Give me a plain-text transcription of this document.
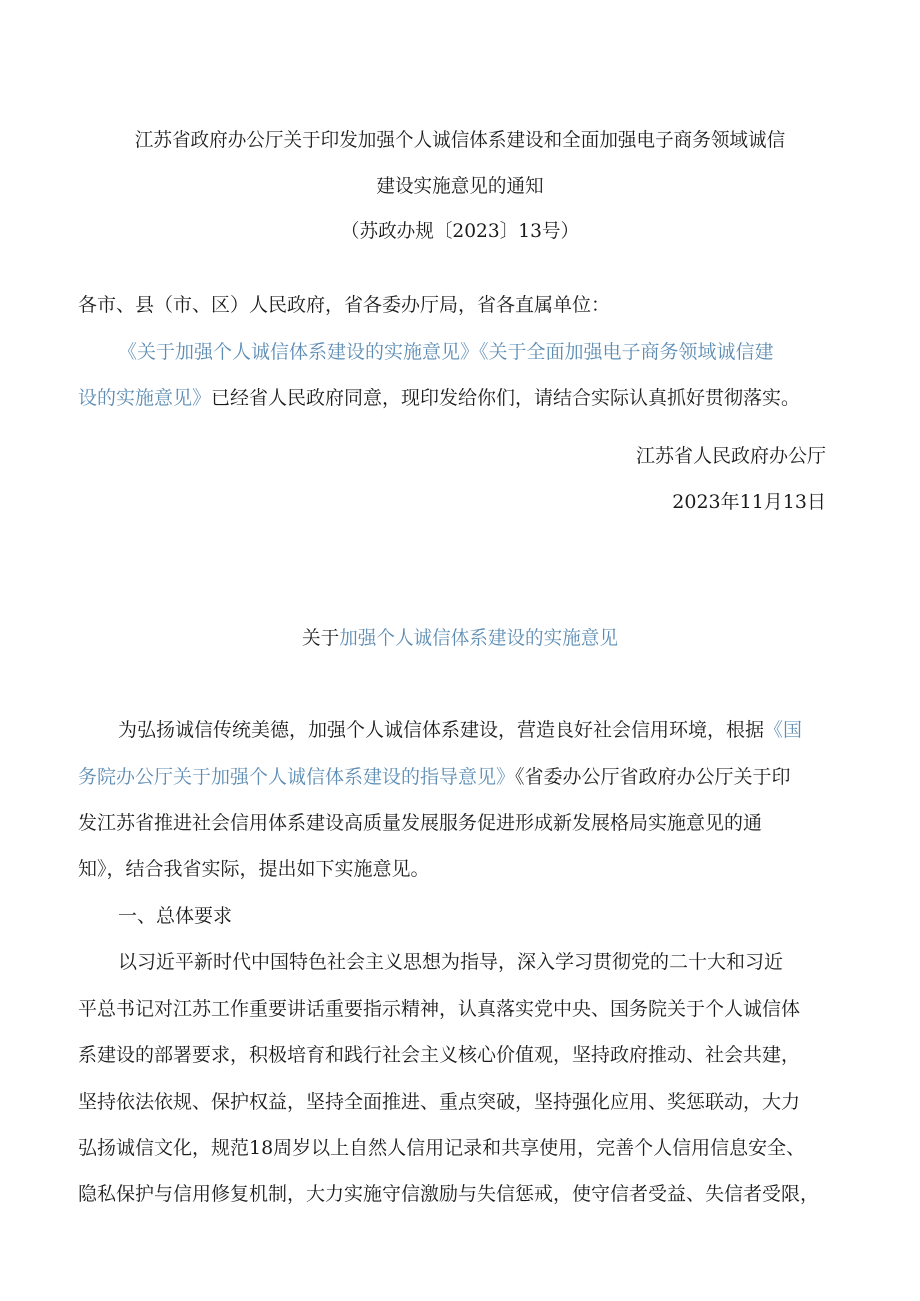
江苏省政府办公厅关于印发加强个人诚信体系建设和全面加强电子商务领域诚信
建设实施意见的通知
（苏政办规〔2023〕13号）
各市、县（市、区）人民政府，省各委办厅局，省各直属单位：
《关于加强个人诚信体系建设的实施意见》《关于全面加强电子商务领域诚信建
设的实施意见》已经省人民政府同意，现印发给你们，请结合实际认真抓好贯彻落实。
江苏省人民政府办公厅
2023年11月13日
关于加强个人诚信体系建设的实施意见
为弘扬诚信传统美德，加强个人诚信体系建设，营造良好社会信用环境，根据《国
务院办公厅关于加强个人诚信体系建设的指导意见》《省委办公厅省政府办公厅关于印
发江苏省推进社会信用体系建设高质量发展服务促进形成新发展格局实施意见的通
知》，结合我省实际，提出如下实施意见。
一、总体要求
以习近平新时代中国特色社会主义思想为指导，深入学习贯彻党的二十大和习近
平总书记对江苏工作重要讲话重要指示精神，认真落实党中央、国务院关于个人诚信体
系建设的部署要求，积极培育和践行社会主义核心价值观，坚持政府推动、社会共建，
坚持依法依规、保护权益，坚持全面推进、重点突破，坚持强化应用、奖惩联动，大力
弘扬诚信文化，规范18周岁以上自然人信用记录和共享使用，完善个人信用信息安全、
隐私保护与信用修复机制，大力实施守信激励与失信惩戒，使守信者受益、失信者受限，
